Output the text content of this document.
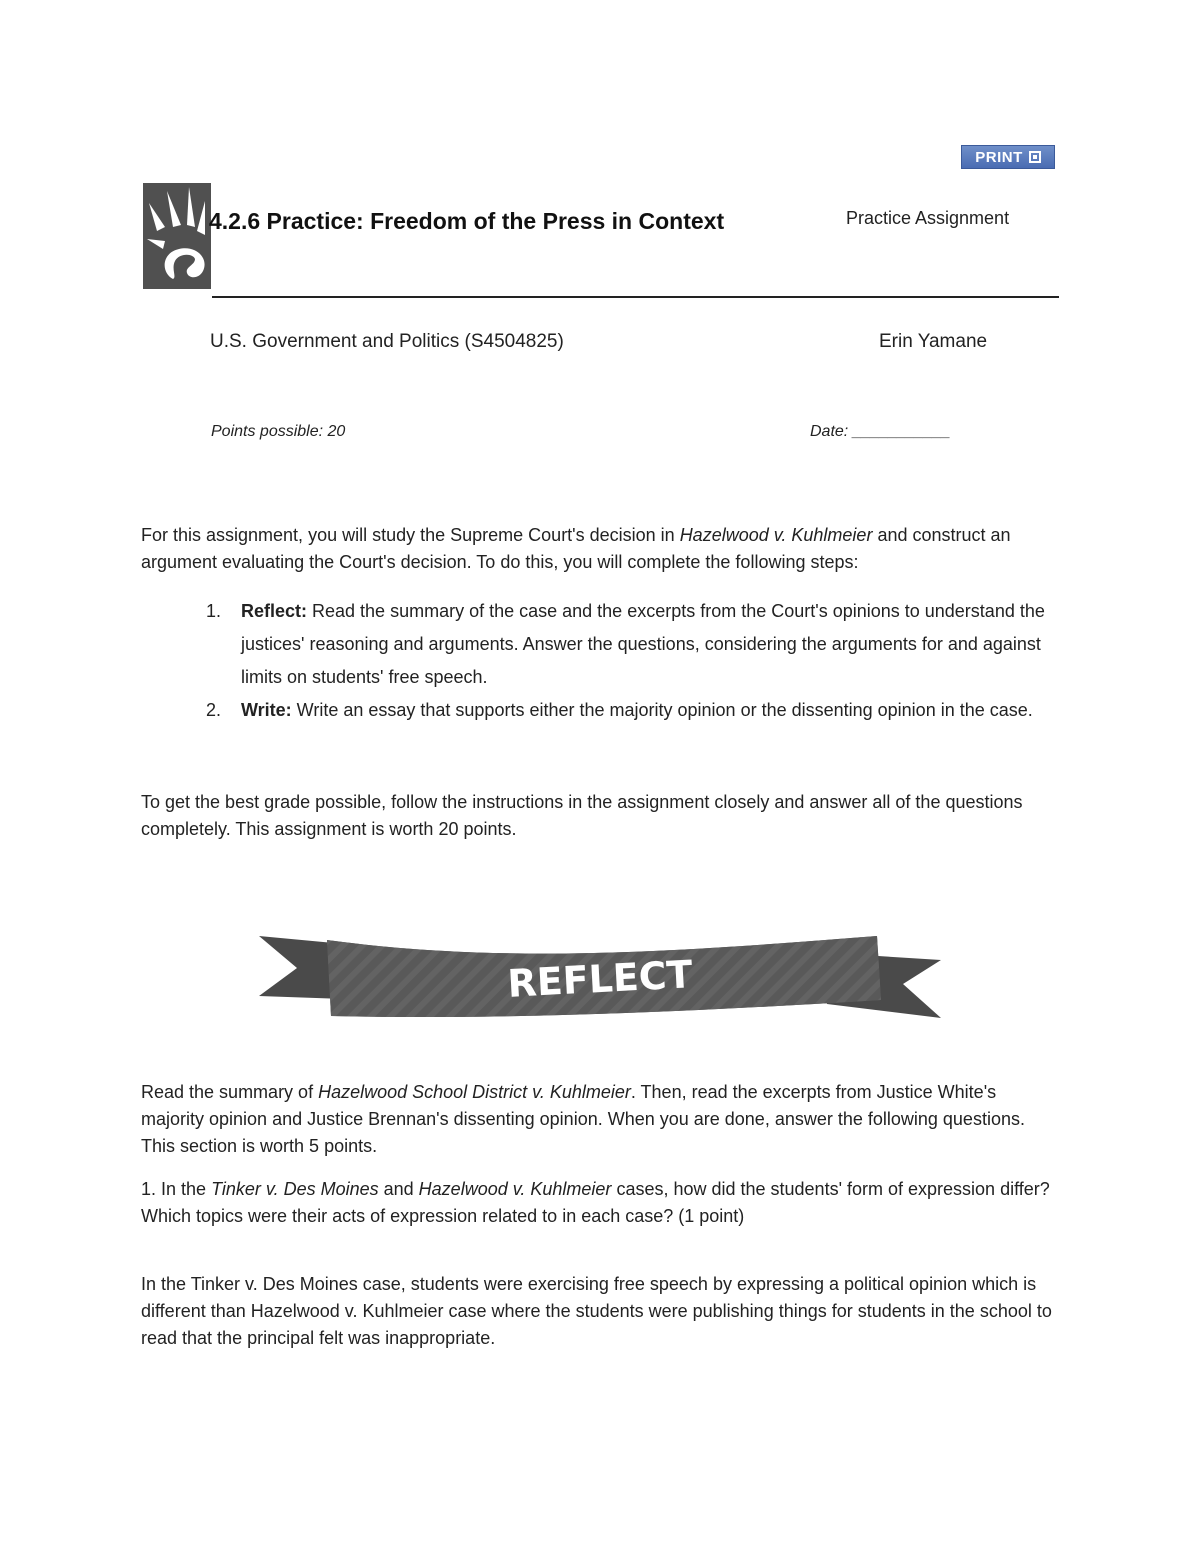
PRINT
4.2.6 Practice: Freedom of the Press in Context	Practice Assignment
U.S. Government and Politics (S4504825)	Erin Yamane
Points possible: 20	Date: ___________

For this assignment, you will study the Supreme Court's decision in Hazelwood v. Kuhlmeier and construct an argument evaluating the Court's decision. To do this, you will complete the following steps:

1. Reflect: Read the summary of the case and the excerpts from the Court's opinions to understand the justices' reasoning and arguments. Answer the questions, considering the arguments for and against limits on students' free speech.
2. Write: Write an essay that supports either the majority opinion or the dissenting opinion in the case.

To get the best grade possible, follow the instructions in the assignment closely and answer all of the questions completely. This assignment is worth 20 points.

REFLECT

Read the summary of Hazelwood School District v. Kuhlmeier. Then, read the excerpts from Justice White's majority opinion and Justice Brennan's dissenting opinion. When you are done, answer the following questions. This section is worth 5 points.

1. In the Tinker v. Des Moines and Hazelwood v. Kuhlmeier cases, how did the students' form of expression differ? Which topics were their acts of expression related to in each case? (1 point)

In the Tinker v. Des Moines case, students were exercising free speech by expressing a political opinion which is different than Hazelwood v. Kuhlmeier case where the students were publishing things for students in the school to read that the principal felt was inappropriate.
